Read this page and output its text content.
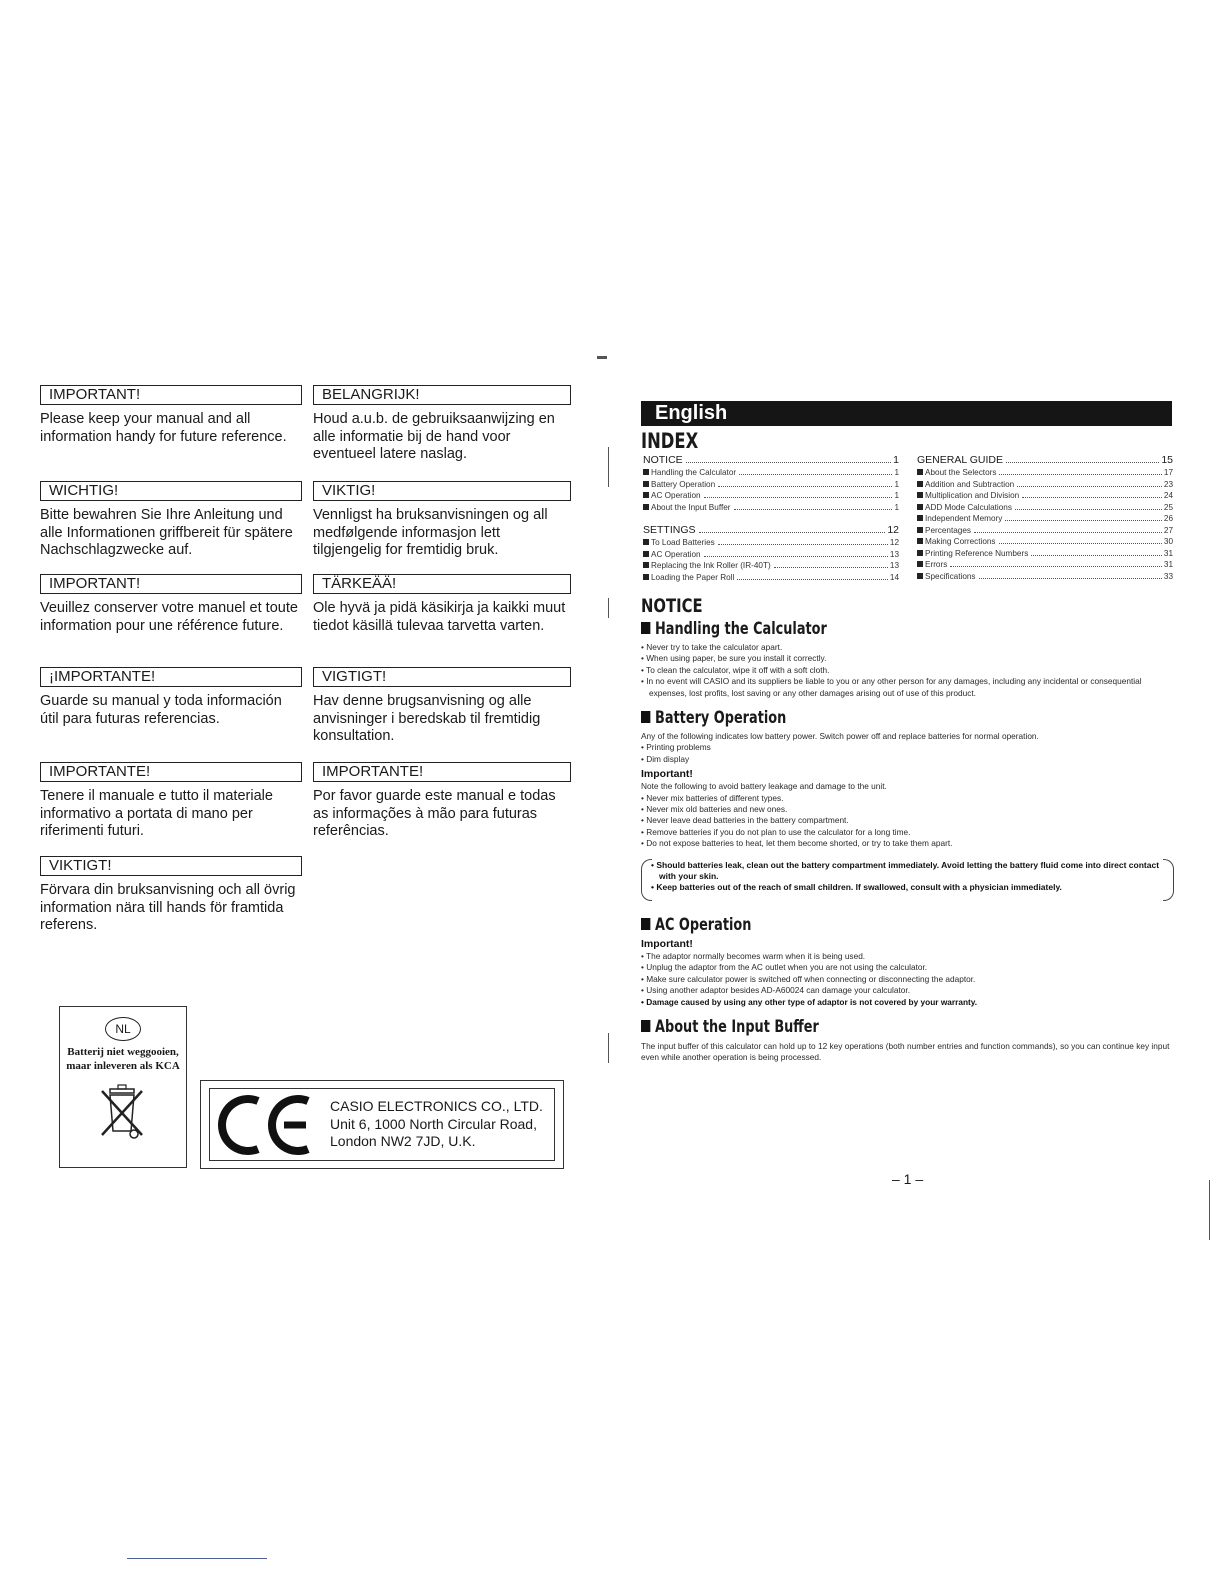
IMPORTANT!
Please keep your manual and all information handy for future reference.
BELANGRIJK!
Houd a.u.b. de gebruiksaanwijzing en alle informatie bij de hand voor eventueel latere naslag.
WICHTIG!
Bitte bewahren Sie Ihre Anleitung und alle Informationen griffbereit für spätere Nachschlagzwecke auf.
VIKTIG!
Vennligst ha bruksanvisningen og all medfølgende informasjon lett tilgjengelig for fremtidig bruk.
IMPORTANT!
Veuillez conserver votre manuel et toute information pour une référence future.
TÄRKEÄÄ!
Ole hyvä ja pidä käsikirja ja kaikki muut tiedot käsillä tulevaa tarvetta varten.
¡IMPORTANTE!
Guarde su manual y toda información útil para futuras referencias.
VIGTIGT!
Hav denne brugsanvisning og alle anvisninger i beredskab til fremtidig konsultation.
IMPORTANTE!
Tenere il manuale e tutto il materiale informativo a portata di mano per riferimenti futuri.
IMPORTANTE!
Por favor guarde este manual e todas as informações à mão para futuras referências.
VIKTIGT!
Förvara din bruksanvisning och all övrig information nära till hands för framtida referens.
NL
Batterij niet weggooien, maar inleveren als KCA
CASIO ELECTRONICS CO., LTD.
Unit 6, 1000 North Circular Road,
London NW2 7JD, U.K.
English
INDEX
NOTICE	1
Handling the Calculator	1
Battery Operation	1
AC Operation	1
About the Input Buffer	1
SETTINGS	12
To Load Batteries	12
AC Operation	13
Replacing the Ink Roller (IR-40T)	13
Loading the Paper Roll	14
GENERAL GUIDE	15
About the Selectors	17
Addition and Subtraction	23
Multiplication and Division	24
ADD Mode Calculations	25
Independent Memory	26
Percentages	27
Making Corrections	30
Printing Reference Numbers	31
Errors	31
Specifications	33
NOTICE
Handling the Calculator
• Never try to take the calculator apart.
• When using paper, be sure you install it correctly.
• To clean the calculator, wipe it off with a soft cloth.
• In no event will CASIO and its suppliers be liable to you or any other person for any damages, including any incidental or consequential expenses, lost profits, lost saving or any other damages arising out of use of this product.
Battery Operation
Any of the following indicates low battery power. Switch power off and replace batteries for normal operation.
• Printing problems
• Dim display
Important!
Note the following to avoid battery leakage and damage to the unit.
• Never mix batteries of different types.
• Never mix old batteries and new ones.
• Never leave dead batteries in the battery compartment.
• Remove batteries if you do not plan to use the calculator for a long time.
• Do not expose batteries to heat, let them become shorted, or try to take them apart.
• Should batteries leak, clean out the battery compartment immediately. Avoid letting the battery fluid come into direct contact with your skin.
• Keep batteries out of the reach of small children. If swallowed, consult with a physician immediately.
AC Operation
Important!
• The adaptor normally becomes warm when it is being used.
• Unplug the adaptor from the AC outlet when you are not using the calculator.
• Make sure calculator power is switched off when connecting or disconnecting the adaptor.
• Using another adaptor besides AD-A60024 can damage your calculator.
• Damage caused by using any other type of adaptor is not covered by your warranty.
About the Input Buffer
The input buffer of this calculator can hold up to 12 key operations (both number entries and function commands), so you can continue key input even while another operation is being processed.
– 1 –
